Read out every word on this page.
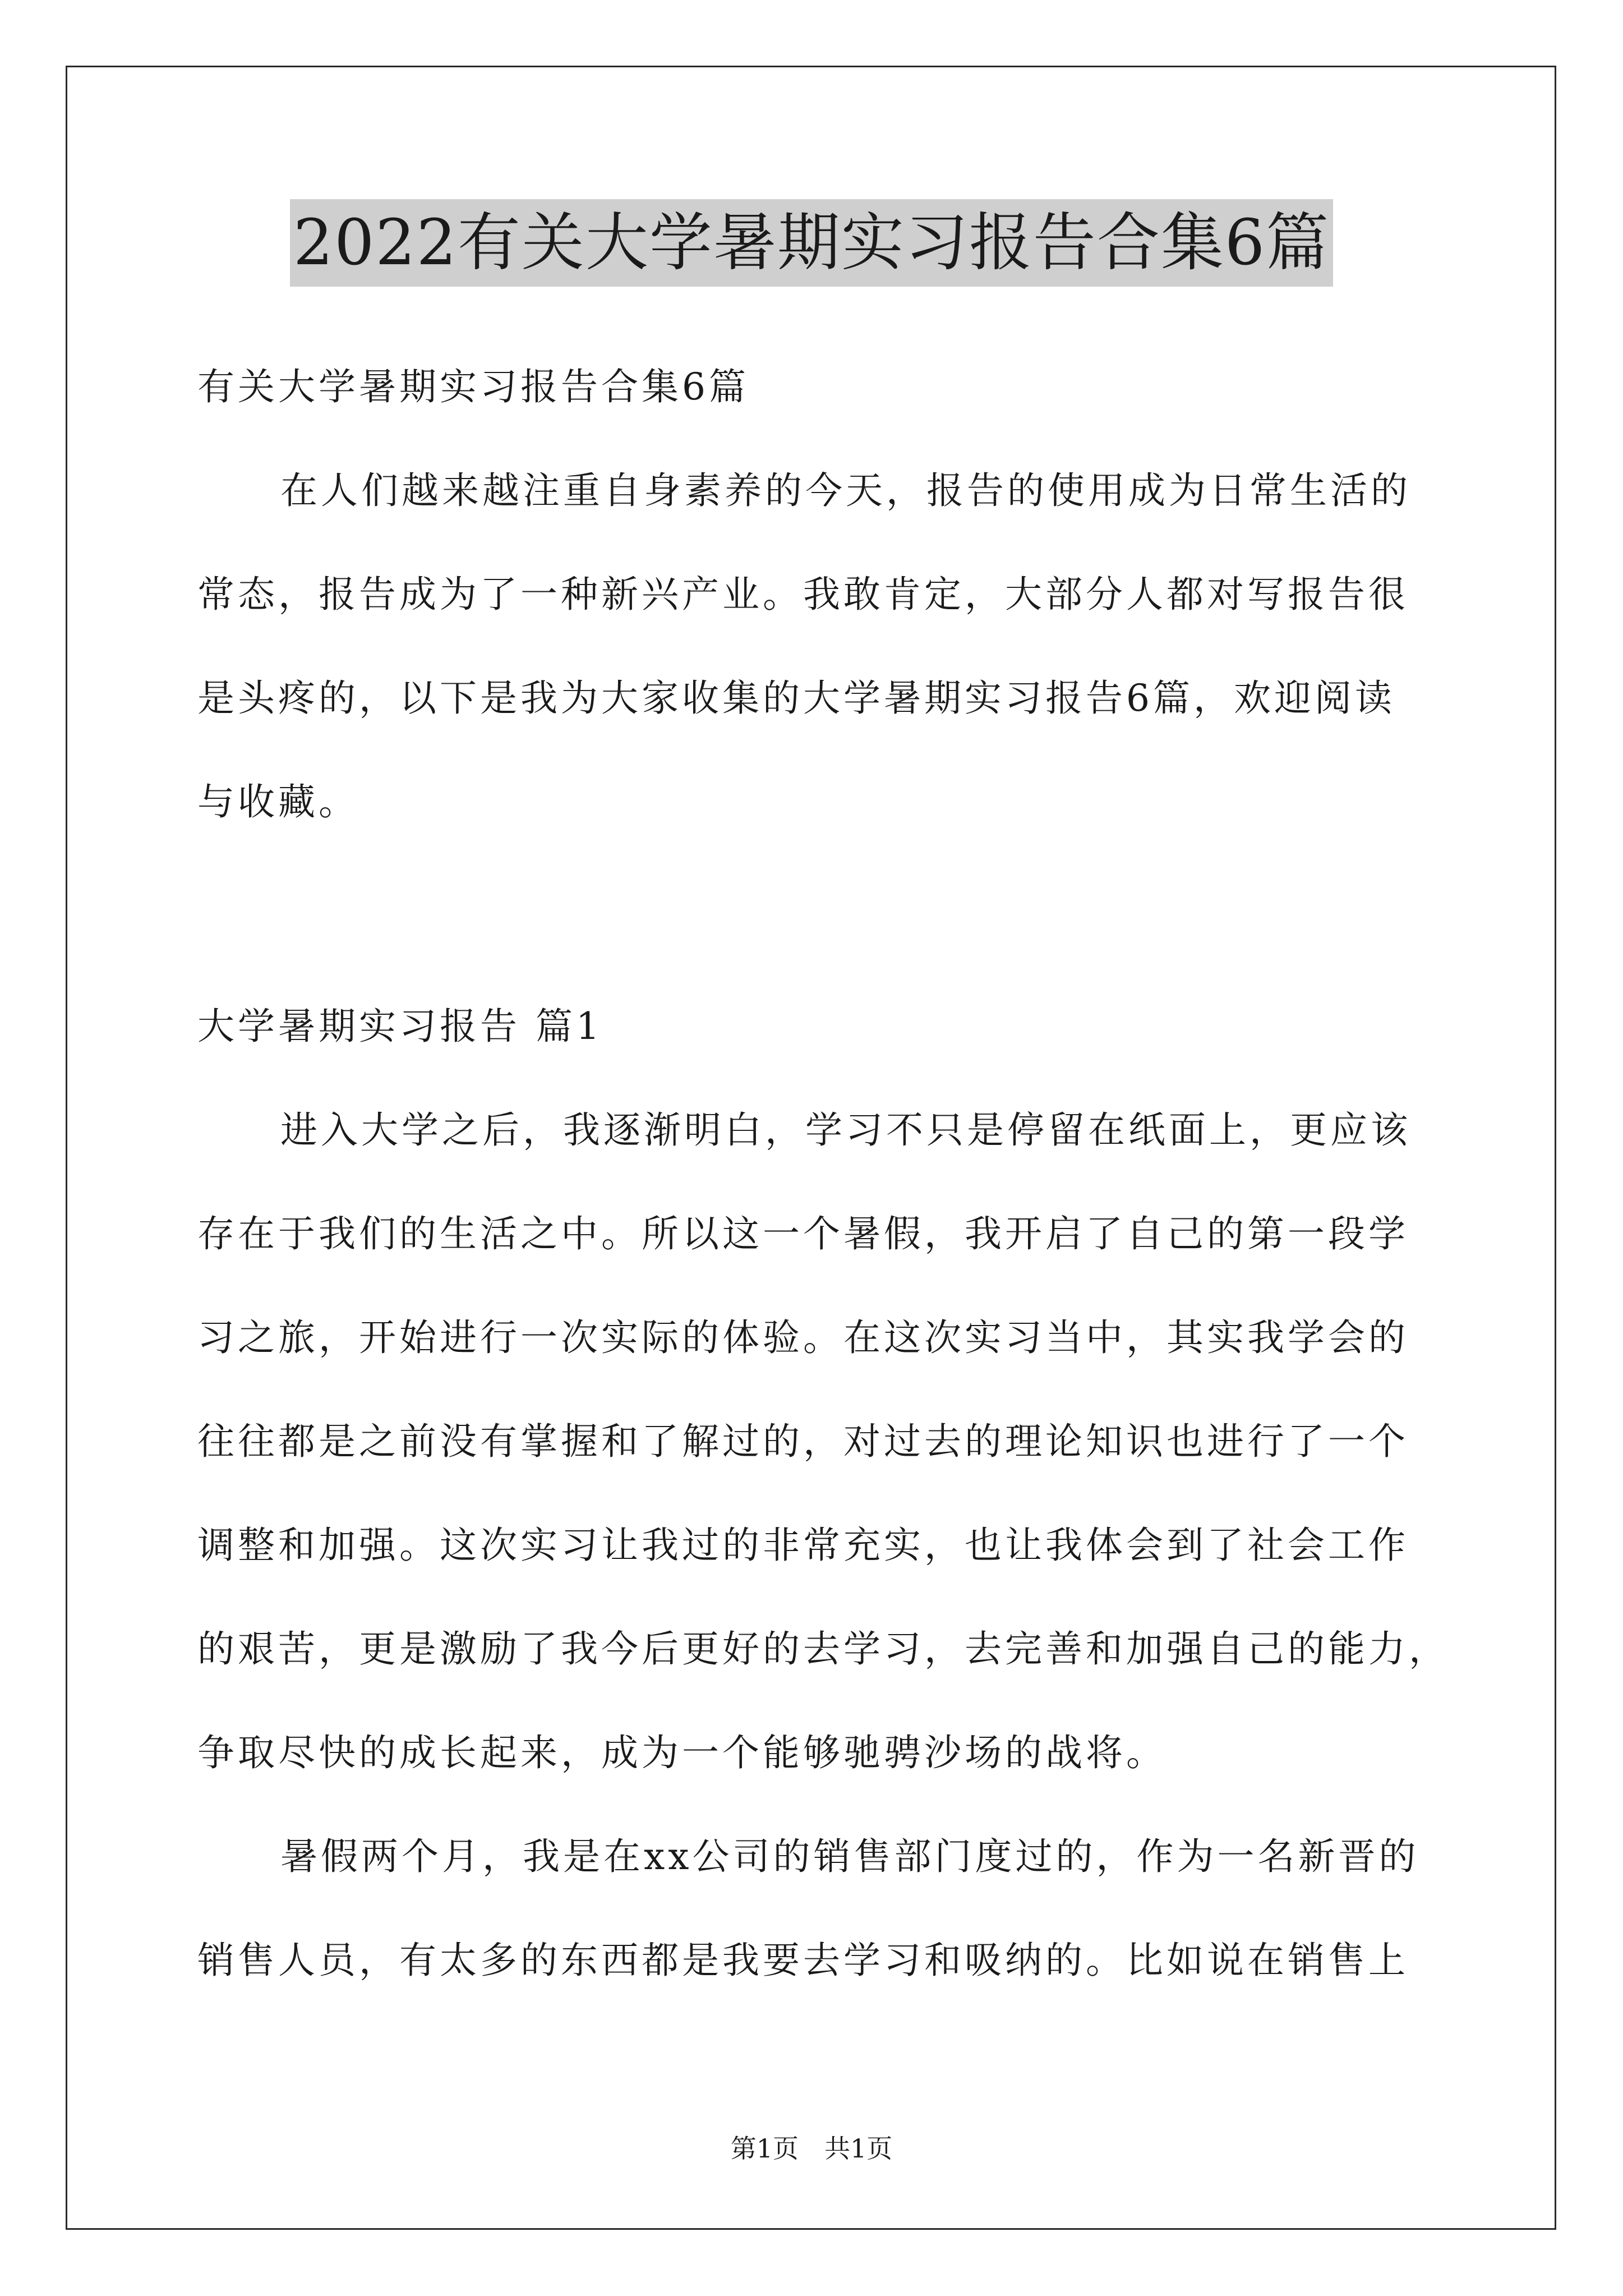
2022有关大学暑期实习报告合集6篇
有关大学暑期实习报告合集6篇
在人们越来越注重自身素养的今天，报告的使用成为日常生活的
常态，报告成为了一种新兴产业。我敢肯定，大部分人都对写报告很
是头疼的，以下是我为大家收集的大学暑期实习报告6篇，欢迎阅读
与收藏。
大学暑期实习报告 篇1
进入大学之后，我逐渐明白，学习不只是停留在纸面上，更应该
存在于我们的生活之中。所以这一个暑假，我开启了自己的第一段学
习之旅，开始进行一次实际的体验。在这次实习当中，其实我学会的
往往都是之前没有掌握和了解过的，对过去的理论知识也进行了一个
调整和加强。这次实习让我过的非常充实，也让我体会到了社会工作
的艰苦，更是激励了我今后更好的去学习，去完善和加强自己的能力，
争取尽快的成长起来，成为一个能够驰骋沙场的战将。
暑假两个月，我是在xx公司的销售部门度过的，作为一名新晋的
销售人员，有太多的东西都是我要去学习和吸纳的。比如说在销售上
第1页　共1页
